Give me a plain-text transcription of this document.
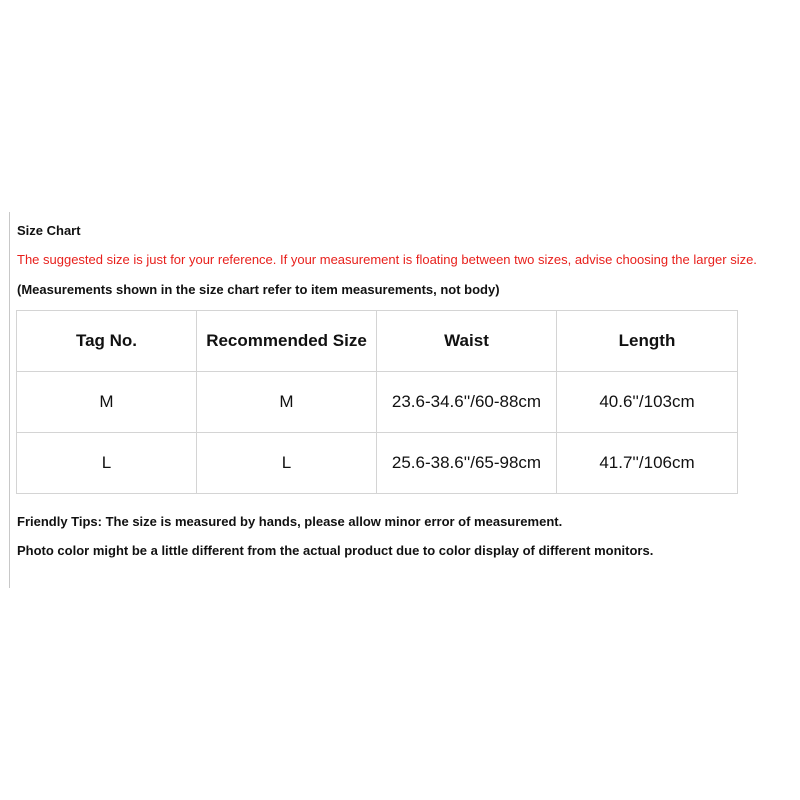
Size Chart
The suggested size is just for your reference. If your measurement is floating between two sizes, advise choosing the larger size.
(Measurements shown in the size chart refer to item measurements, not body)
Tag No.	Recommended Size	Waist	Length
M	M	23.6-34.6''/60-88cm	40.6''/103cm
L	L	25.6-38.6''/65-98cm	41.7''/106cm
Friendly Tips: The size is measured by hands, please allow minor error of measurement.
Photo color might be a little different from the actual product due to color display of different monitors.
